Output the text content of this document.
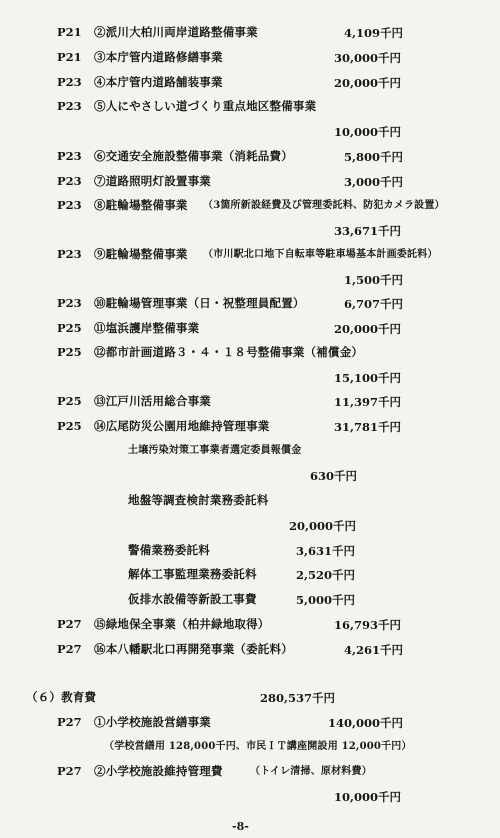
P21 ②派川大柏川両岸道路整備事業	4,109千円
P21 ③本庁管内道路修繕事業	30,000千円
P23 ④本庁管内道路舗装事業	20,000千円
P23 ⑤人にやさしい道づくり重点地区整備事業
10,000千円
P23 ⑥交通安全施設整備事業（消耗品費）	5,800千円
P23 ⑦道路照明灯設置事業	3,000千円
P23 ⑧駐輪場整備事業 （3箇所新設経費及び管理委託料、防犯カメラ設置）
33,671千円
P23 ⑨駐輪場整備事業 （市川駅北口地下自転車等駐車場基本計画委託料）
1,500千円
P23 ⑩駐輪場管理事業（日・祝整理員配置）	6,707千円
P25 ⑪塩浜護岸整備事業	20,000千円
P25 ⑫都市計画道路３・４・１８号整備事業（補償金）
15,100千円
P25 ⑬江戸川活用総合事業	11,397千円
P25 ⑭広尾防災公園用地維持管理事業	31,781千円
土壌汚染対策工事業者選定委員報償金
630千円
地盤等調査検討業務委託料
20,000千円
警備業務委託料	3,631千円
解体工事監理業務委託料	2,520千円
仮排水設備等新設工事費	5,000千円
P27 ⑮緑地保全事業（柏井緑地取得）	16,793千円
P27 ⑯本八幡駅北口再開発事業（委託料）	4,261千円
（６）教育費	280,537千円
P27 ①小学校施設営繕事業	140,000千円
（学校営繕用 128,000千円、市民ＩＴ講座開設用 12,000千円）
P27 ②小学校施設維持管理費	（トイレ清掃、原材料費）
10,000千円
-8-
